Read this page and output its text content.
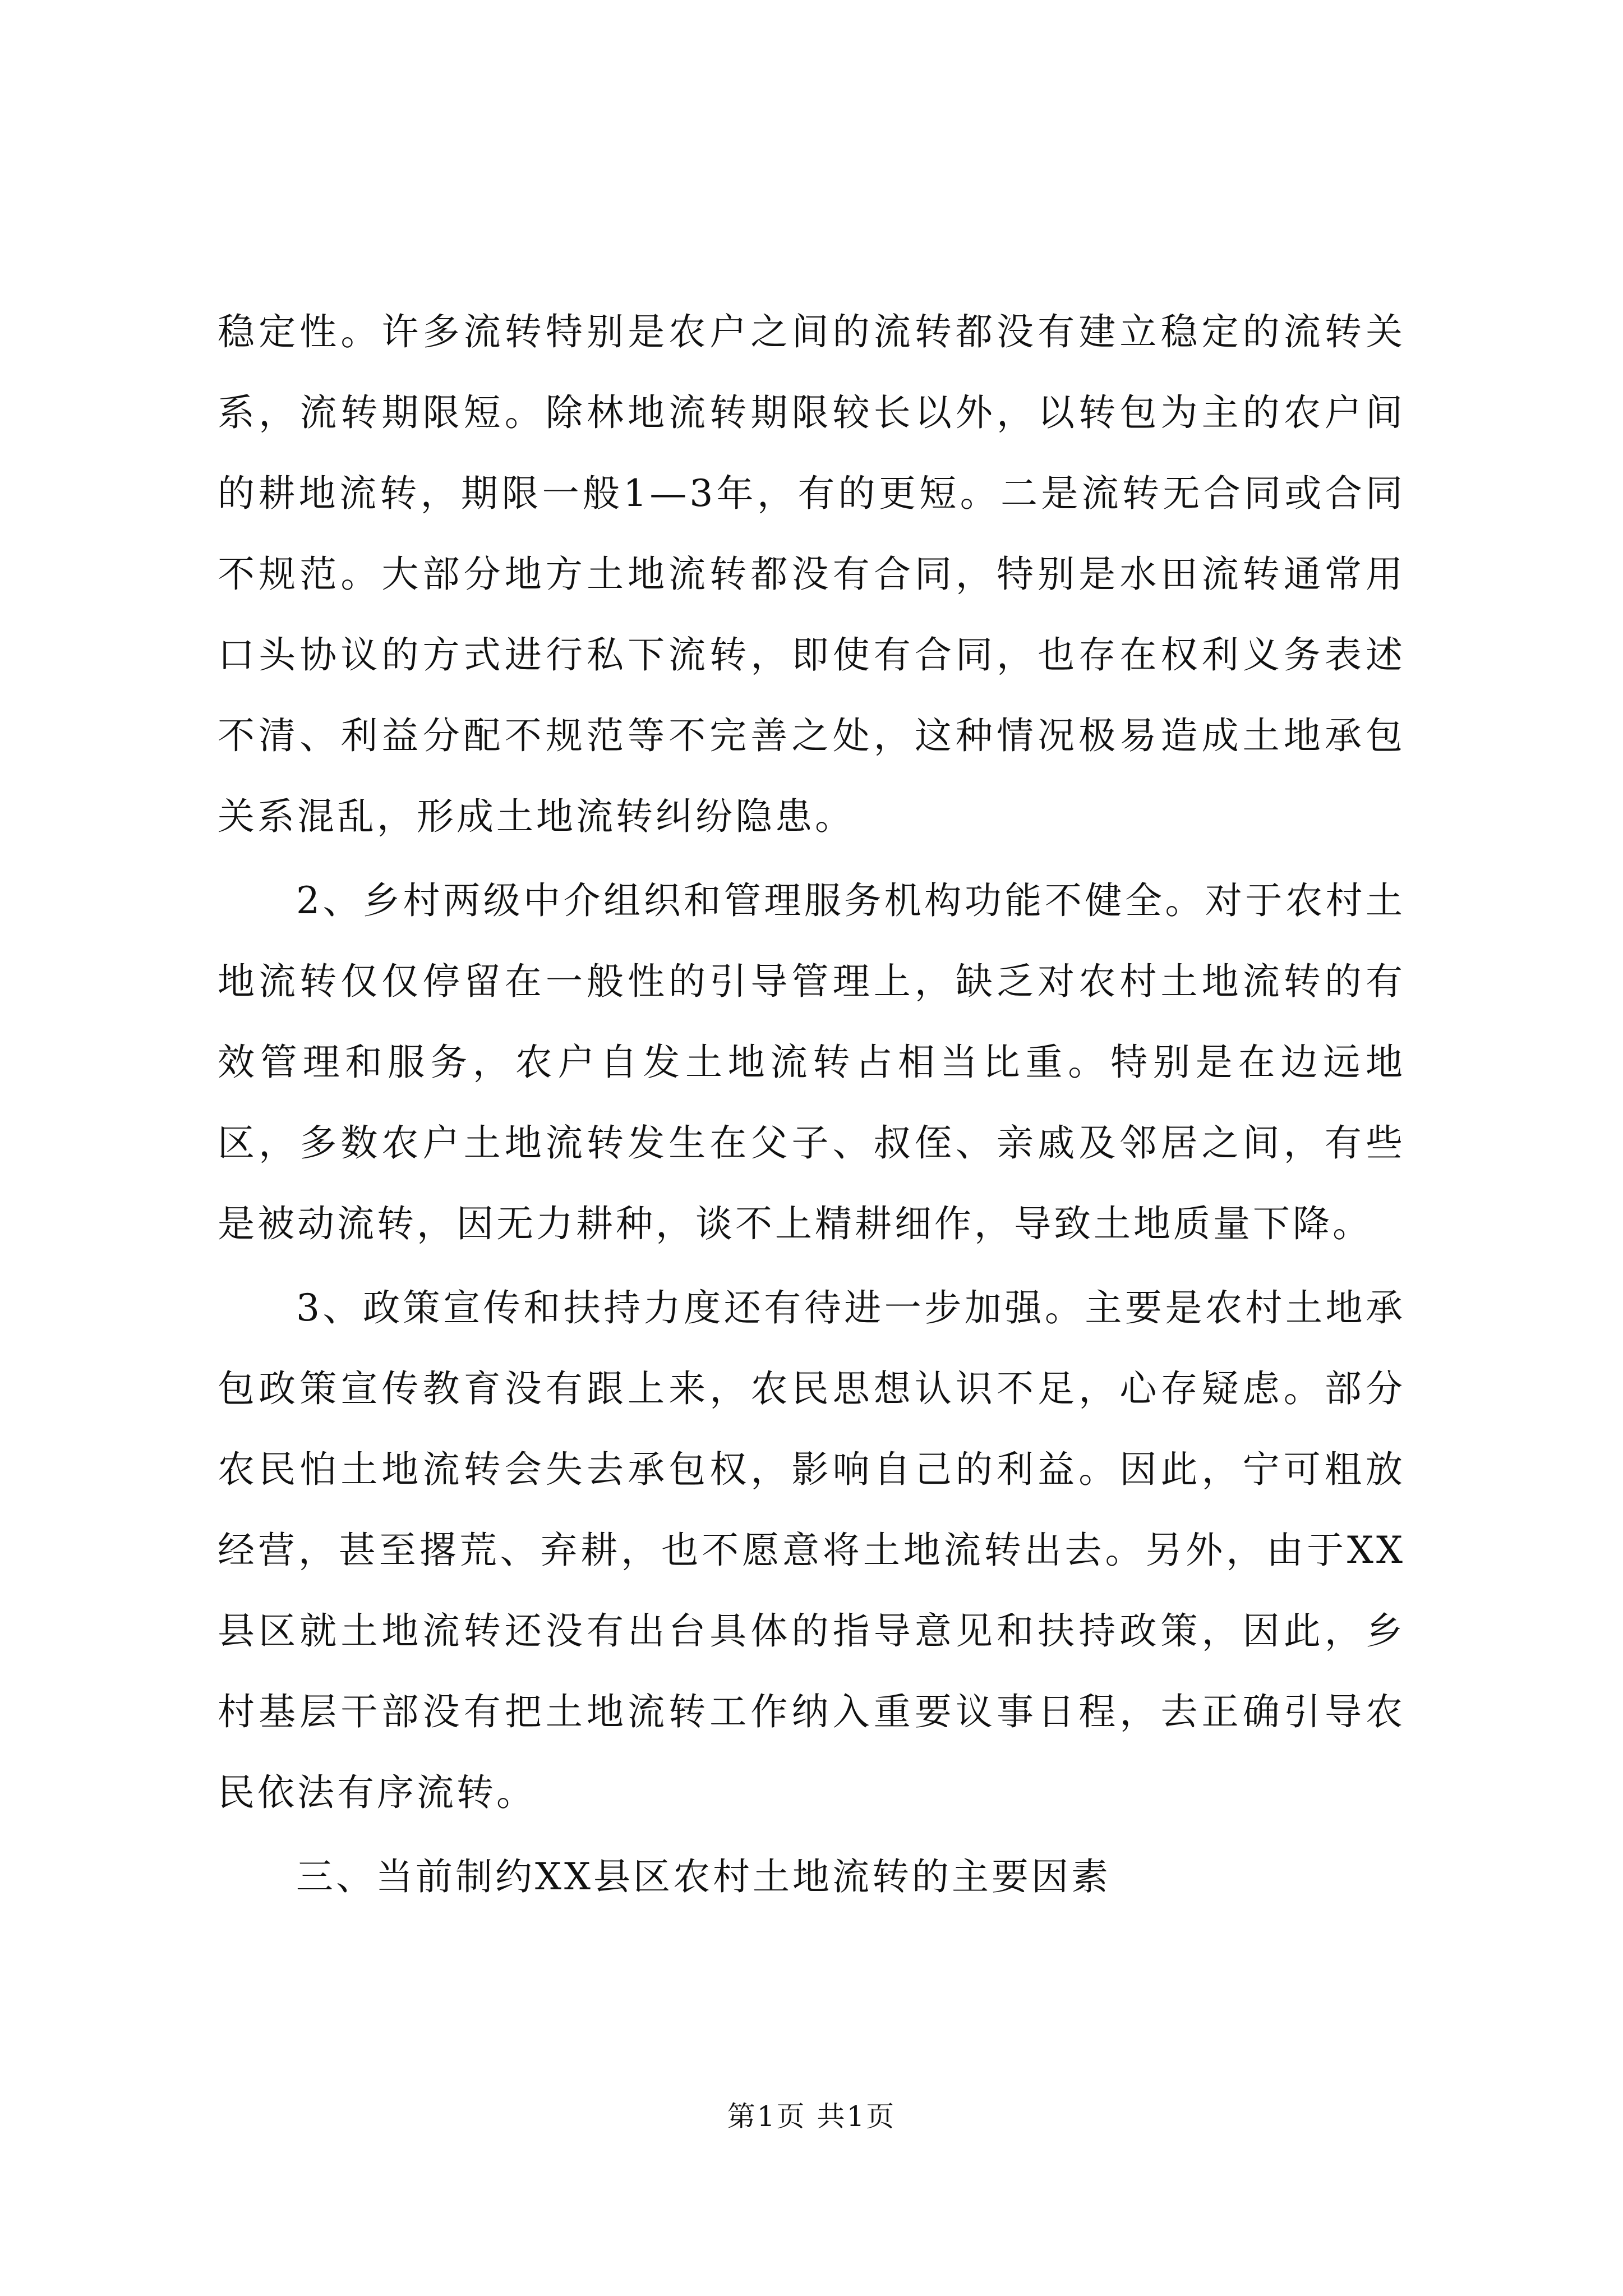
稳定性。许多流转特别是农户之间的流转都没有建立稳定的流转关系，流转期限短。除林地流转期限较长以外，以转包为主的农户间的耕地流转，期限一般1—3年，有的更短。二是流转无合同或合同不规范。大部分地方土地流转都没有合同，特别是水田流转通常用口头协议的方式进行私下流转，即使有合同，也存在权利义务表述不清、利益分配不规范等不完善之处，这种情况极易造成土地承包关系混乱，形成土地流转纠纷隐患。

2、乡村两级中介组织和管理服务机构功能不健全。对于农村土地流转仅仅停留在一般性的引导管理上，缺乏对农村土地流转的有效管理和服务，农户自发土地流转占相当比重。特别是在边远地区，多数农户土地流转发生在父子、叔侄、亲戚及邻居之间，有些是被动流转，因无力耕种，谈不上精耕细作，导致土地质量下降。

3、政策宣传和扶持力度还有待进一步加强。主要是农村土地承包政策宣传教育没有跟上来，农民思想认识不足，心存疑虑。部分农民怕土地流转会失去承包权，影响自己的利益。因此，宁可粗放经营，甚至撂荒、弃耕，也不愿意将土地流转出去。另外，由于XX县区就土地流转还没有出台具体的指导意见和扶持政策，因此，乡村基层干部没有把土地流转工作纳入重要议事日程，去正确引导农民依法有序流转。

三、当前制约XX县区农村土地流转的主要因素

第1页 共1页
